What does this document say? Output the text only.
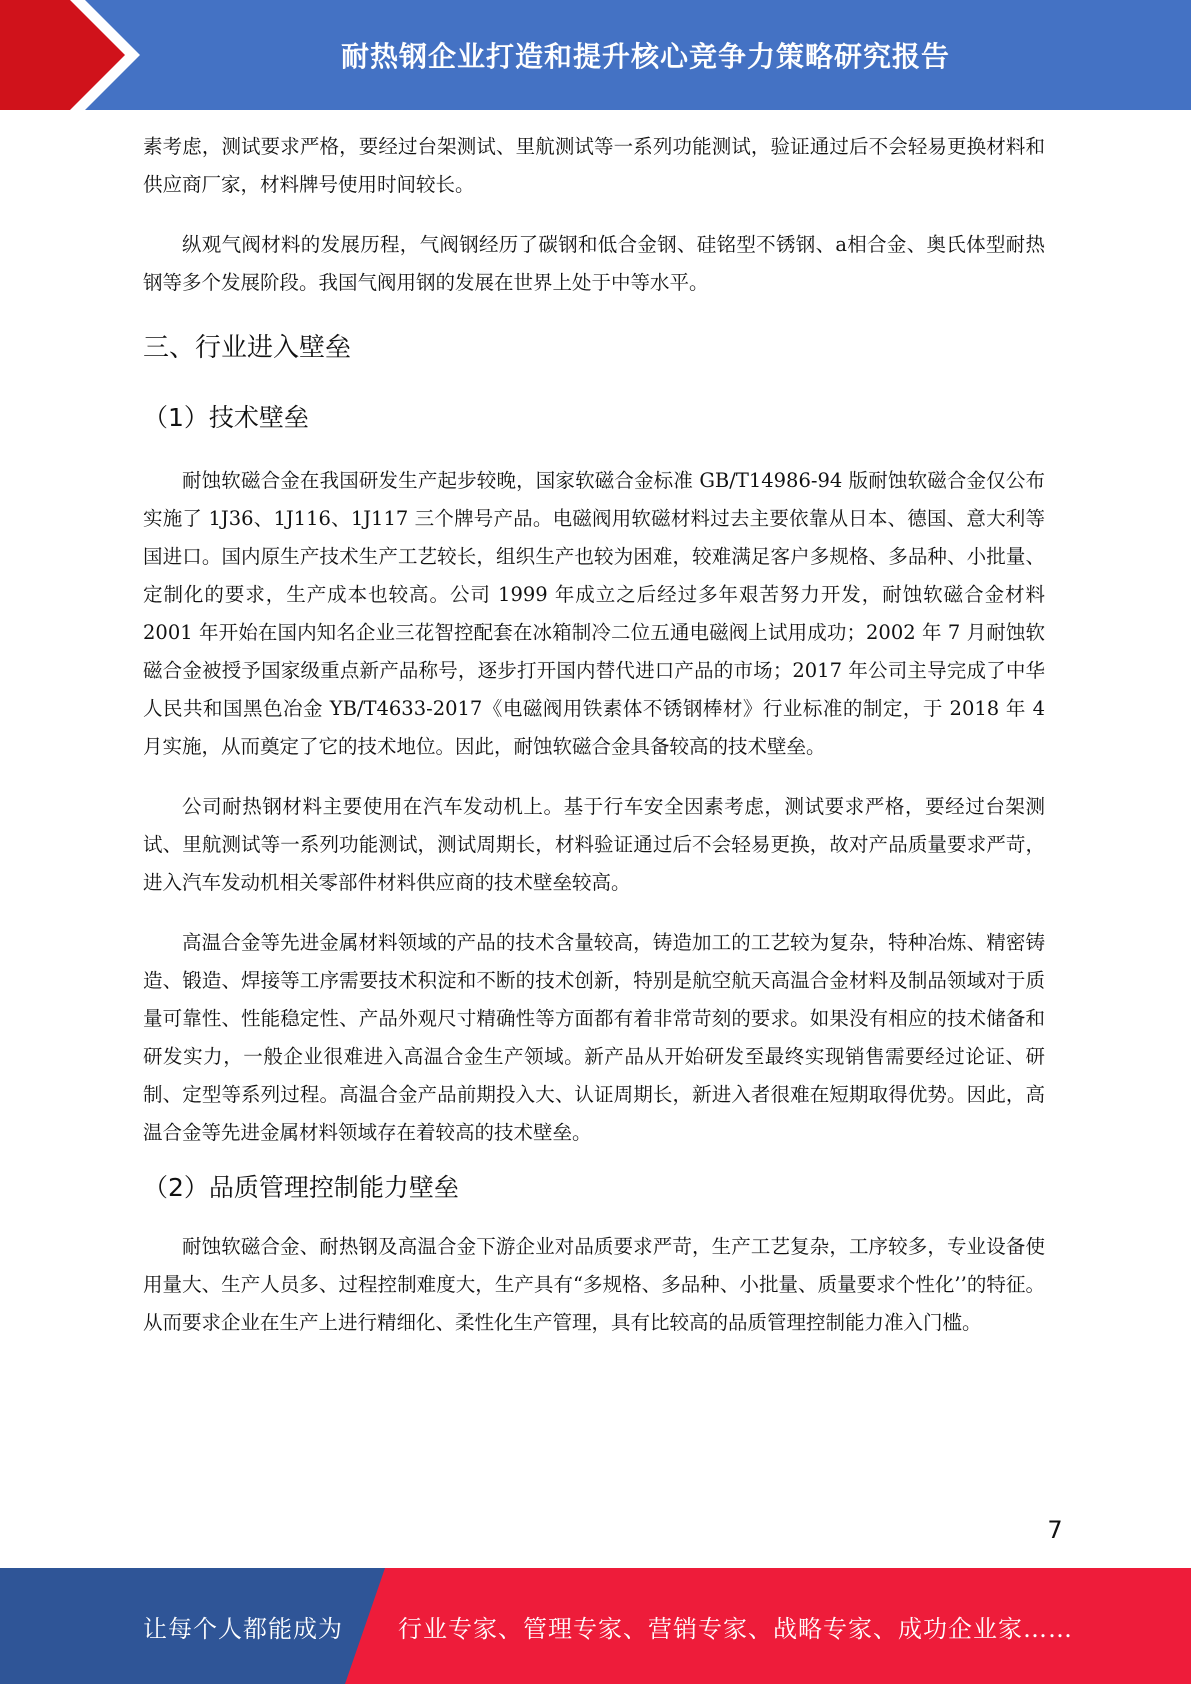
耐热钢企业打造和提升核心竞争力策略研究报告

素考虑，测试要求严格，要经过台架测试、里航测试等一系列功能测试，验证通过后不会轻易更换材料和供应商厂家，材料牌号使用时间较长。

纵观气阀材料的发展历程，气阀钢经历了碳钢和低合金钢、硅铭型不锈钢、a相合金、奥氏体型耐热钢等多个发展阶段。我国气阀用钢的发展在世界上处于中等水平。

三、行业进入壁垒
（1）技术壁垒

耐蚀软磁合金在我国研发生产起步较晚，国家软磁合金标准 GB/T14986-94 版耐蚀软磁合金仅公布实施了 1J36、1J116、1J117 三个牌号产品。电磁阀用软磁材料过去主要依靠从日本、德国、意大利等国进口。国内原生产技术生产工艺较长，组织生产也较为困难，较难满足客户多规格、多品种、小批量、定制化的要求，生产成本也较高。公司 1999 年成立之后经过多年艰苦努力开发，耐蚀软磁合金材料 2001 年开始在国内知名企业三花智控配套在冰箱制冷二位五通电磁阀上试用成功；2002 年 7 月耐蚀软磁合金被授予国家级重点新产品称号，逐步打开国内替代进口产品的市场；2017 年公司主导完成了中华人民共和国黑色冶金 YB/T4633-2017《电磁阀用铁素体不锈钢棒材》行业标准的制定，于 2018 年 4 月实施，从而奠定了它的技术地位。因此，耐蚀软磁合金具备较高的技术壁垒。

公司耐热钢材料主要使用在汽车发动机上。基于行车安全因素考虑，测试要求严格，要经过台架测试、里航测试等一系列功能测试，测试周期长，材料验证通过后不会轻易更换，故对产品质量要求严苛，进入汽车发动机相关零部件材料供应商的技术壁垒较高。

高温合金等先进金属材料领域的产品的技术含量较高，铸造加工的工艺较为复杂，特种冶炼、精密铸造、锻造、焊接等工序需要技术积淀和不断的技术创新，特别是航空航天高温合金材料及制品领域对于质量可靠性、性能稳定性、产品外观尺寸精确性等方面都有着非常苛刻的要求。如果没有相应的技术储备和研发实力，一般企业很难进入高温合金生产领域。新产品从开始研发至最终实现销售需要经过论证、研制、定型等系列过程。高温合金产品前期投入大、认证周期长，新进入者很难在短期取得优势。因此，高温合金等先进金属材料领域存在着较高的技术壁垒。

（2）品质管理控制能力壁垒

耐蚀软磁合金、耐热钢及高温合金下游企业对品质要求严苛，生产工艺复杂，工序较多，专业设备使用量大、生产人员多、过程控制难度大，生产具有“多规格、多品种、小批量、质量要求个性化’’的特征。从而要求企业在生产上进行精细化、柔性化生产管理，具有比较高的品质管理控制能力准入门槛。

7
让每个人都能成为 行业专家、管理专家、营销专家、战略专家、成功企业家……
